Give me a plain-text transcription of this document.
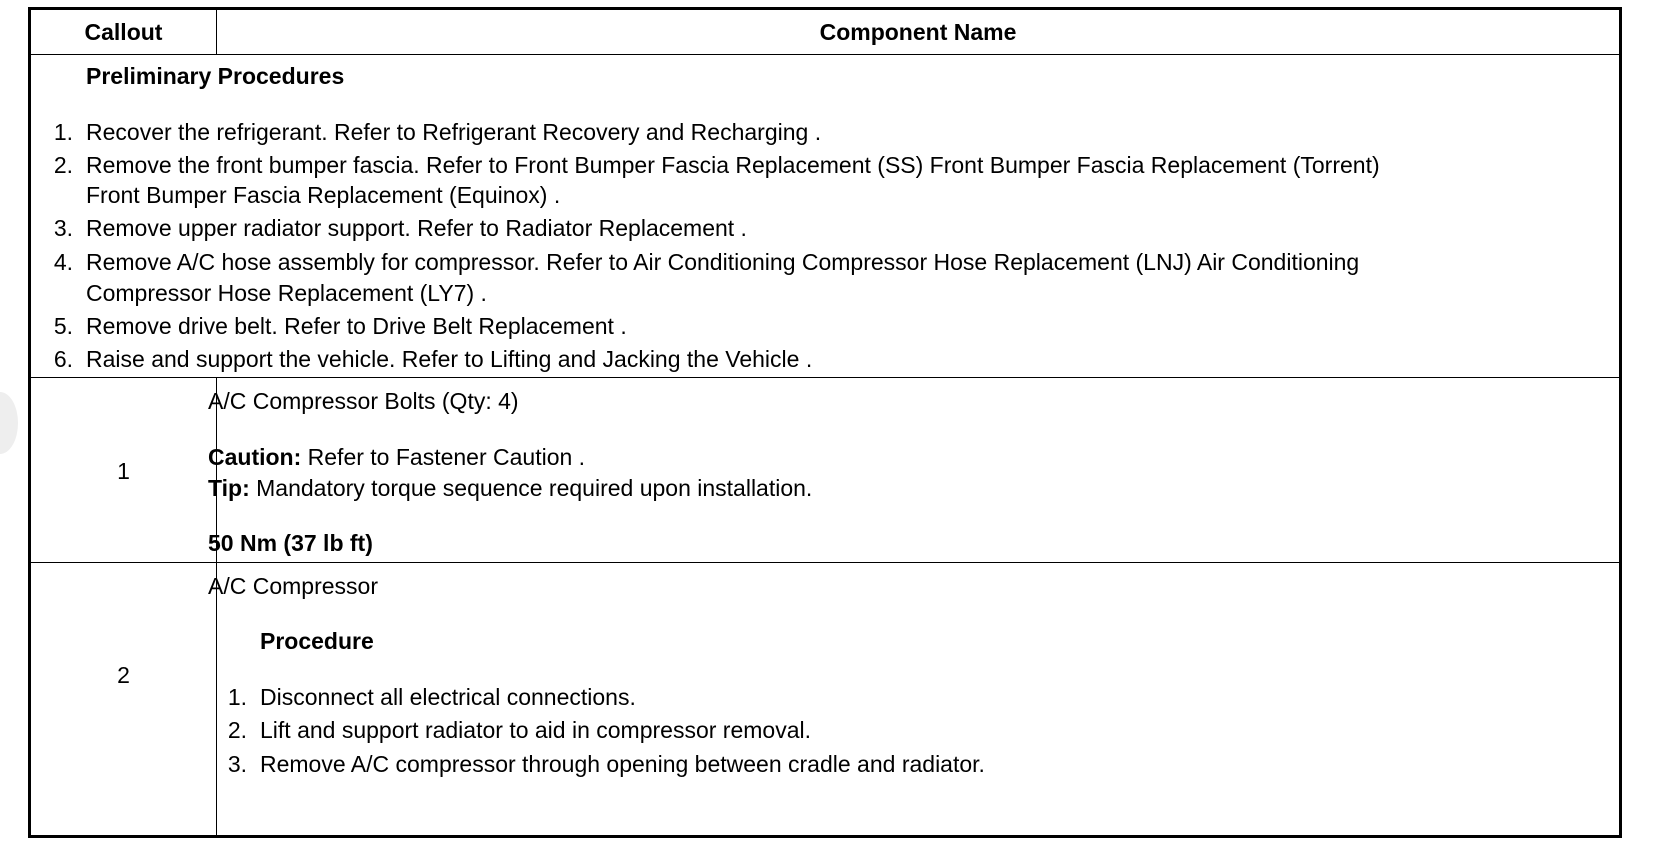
Callout	Component Name
Preliminary Procedures
1. Recover the refrigerant. Refer to Refrigerant Recovery and Recharging .
2. Remove the front bumper fascia. Refer to Front Bumper Fascia Replacement (SS) Front Bumper Fascia Replacement (Torrent)
Front Bumper Fascia Replacement (Equinox) .
3. Remove upper radiator support. Refer to Radiator Replacement .
4. Remove A/C hose assembly for compressor. Refer to Air Conditioning Compressor Hose Replacement (LNJ) Air Conditioning
Compressor Hose Replacement (LY7) .
5. Remove drive belt. Refer to Drive Belt Replacement .
6. Raise and support the vehicle. Refer to Lifting and Jacking the Vehicle .
1
A/C Compressor Bolts (Qty: 4)
Caution: Refer to Fastener Caution .
Tip: Mandatory torque sequence required upon installation.
50 Nm (37 lb ft)
2
A/C Compressor
Procedure
1. Disconnect all electrical connections.
2. Lift and support radiator to aid in compressor removal.
3. Remove A/C compressor through opening between cradle and radiator.
